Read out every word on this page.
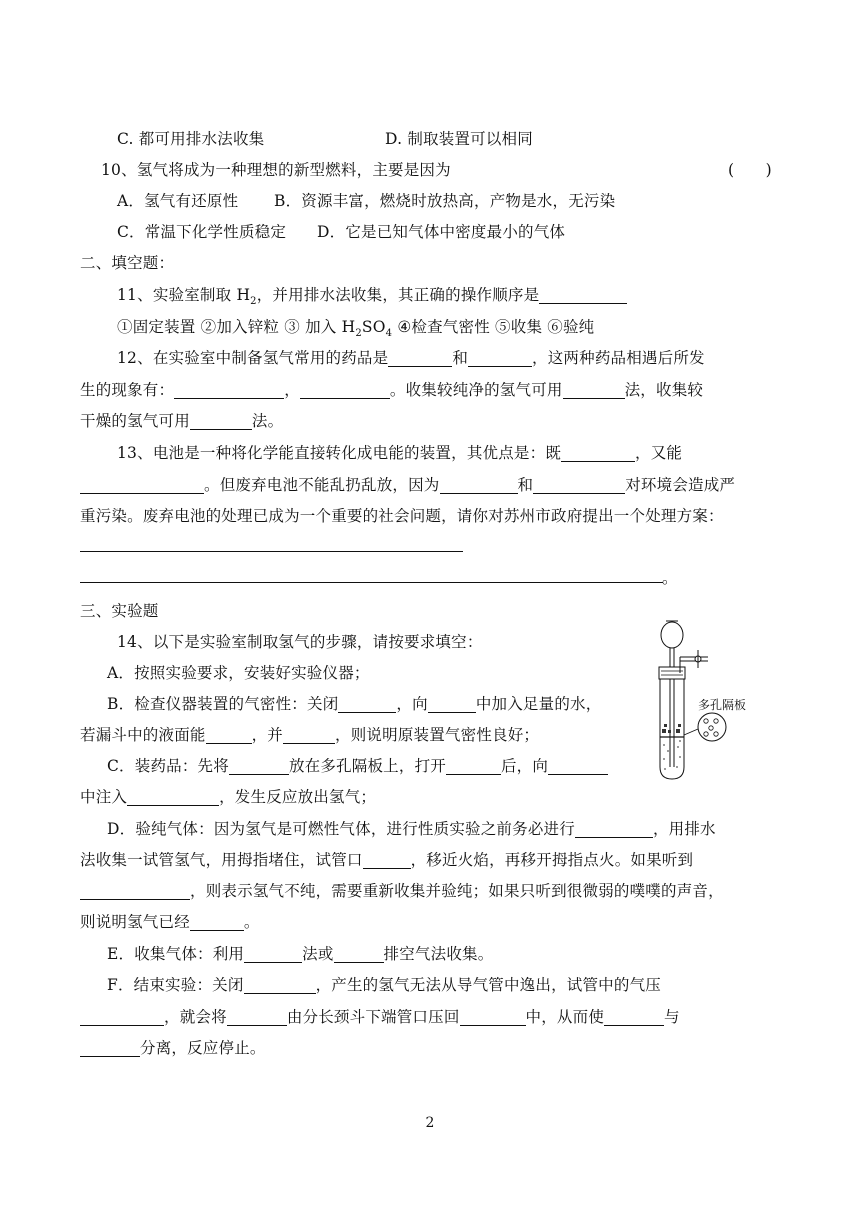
C. 都可用排水法收集	D. 制取装置可以相同
10、氢气将成为一种理想的新型燃料，主要是因为	(　　)
A．氢气有还原性 B．资源丰富，燃烧时放热高，产物是水，无污染
C．常温下化学性质稳定 D．它是已知气体中密度最小的气体
二、填空题：
11、实验室制取 $H_2$，并用排水法收集，其正确的操作顺序是
①固定装置 ②加入锌粒 ③ 加入 $H_2SO_4$ ④检查气密性 ⑤收集 ⑥验纯
12、在实验室中制备氢气常用的药品是	和	，这两种药品相遇后所发
生的现象有：	，	。收集较纯净的氢气可用	法，收集较
干燥的氢气可用	法。
13、电池是一种将化学能直接转化成电能的装置，其优点是：既	，又能
。但废弃电池不能乱扔乱放，因为	和	对环境会造成严
重污染。废弃电池的处理已成为一个重要的社会问题，请你对苏州市政府提出一个处理方案：
。
三、实验题
14、以下是实验室制取氢气的步骤，请按要求填空：
A．按照实验要求，安装好实验仪器；
B．检查仪器装置的气密性：关闭	，向	中加入足量的水，
若漏斗中的液面能	，并	，则说明原装置气密性良好；
C．装药品：先将	放在多孔隔板上，打开	后，向
中注入	，发生反应放出氢气；
D．验纯气体：因为氢气是可燃性气体，进行性质实验之前务必进行	，用排水
法收集一试管氢气，用拇指堵住，试管口	，移近火焰，再移开拇指点火。如果听到
，则表示氢气不纯，需要重新收集并验纯；如果只听到很微弱的噗噗的声音，
则说明氢气已经	。
E．收集气体：利用	法或	排空气法收集。
F．结束实验：关闭	，产生的氢气无法从导气管中逸出，试管中的气压
，就会将	由分长颈斗下端管口压回	中，从而使	与
分离，反应停止。
多孔隔板
2
